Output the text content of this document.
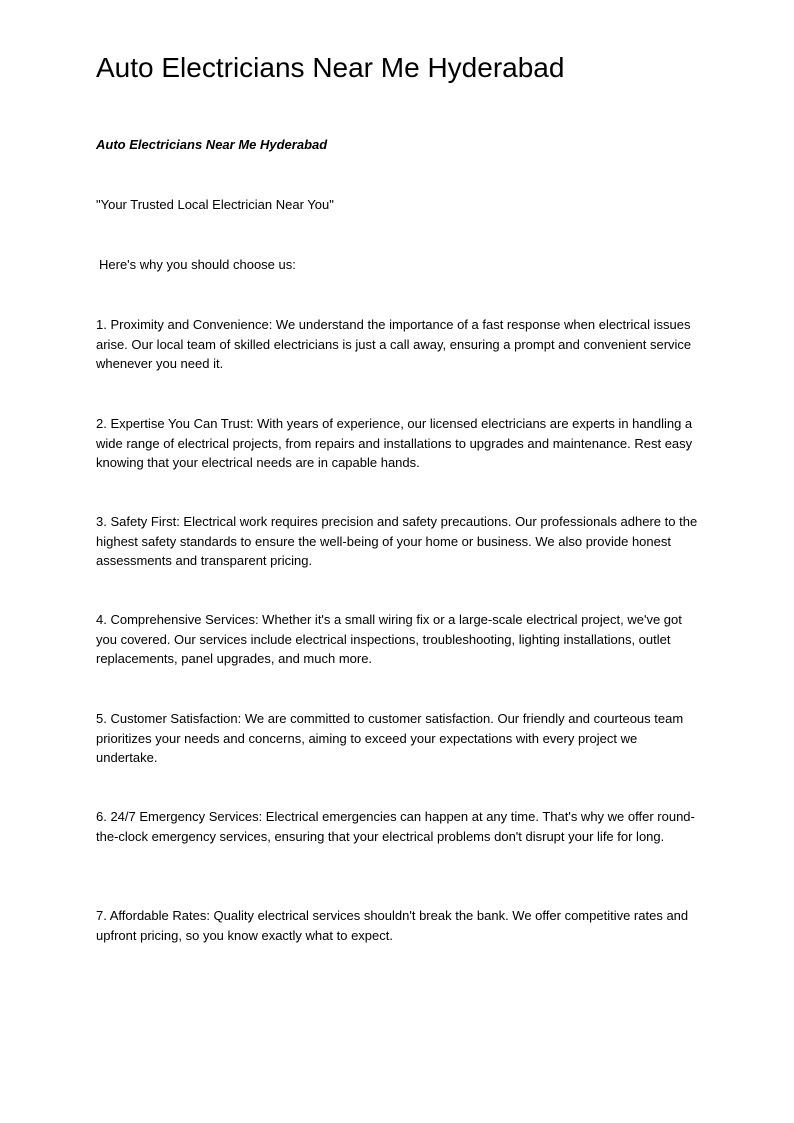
Auto Electricians Near Me Hyderabad

Auto Electricians Near Me Hyderabad

"Your Trusted Local Electrician Near You"

Here's why you should choose us:

1. Proximity and Convenience: We understand the importance of a fast response when electrical issues arise. Our local team of skilled electricians is just a call away, ensuring a prompt and convenient service whenever you need it.

2. Expertise You Can Trust: With years of experience, our licensed electricians are experts in handling a wide range of electrical projects, from repairs and installations to upgrades and maintenance. Rest easy knowing that your electrical needs are in capable hands.

3. Safety First: Electrical work requires precision and safety precautions. Our professionals adhere to the highest safety standards to ensure the well-being of your home or business. We also provide honest assessments and transparent pricing.

4. Comprehensive Services: Whether it's a small wiring fix or a large-scale electrical project, we've got you covered. Our services include electrical inspections, troubleshooting, lighting installations, outlet replacements, panel upgrades, and much more.

5. Customer Satisfaction: We are committed to customer satisfaction. Our friendly and courteous team prioritizes your needs and concerns, aiming to exceed your expectations with every project we undertake.

6. 24/7 Emergency Services: Electrical emergencies can happen at any time. That's why we offer round-the-clock emergency services, ensuring that your electrical problems don't disrupt your life for long.

7. Affordable Rates: Quality electrical services shouldn't break the bank. We offer competitive rates and upfront pricing, so you know exactly what to expect.
